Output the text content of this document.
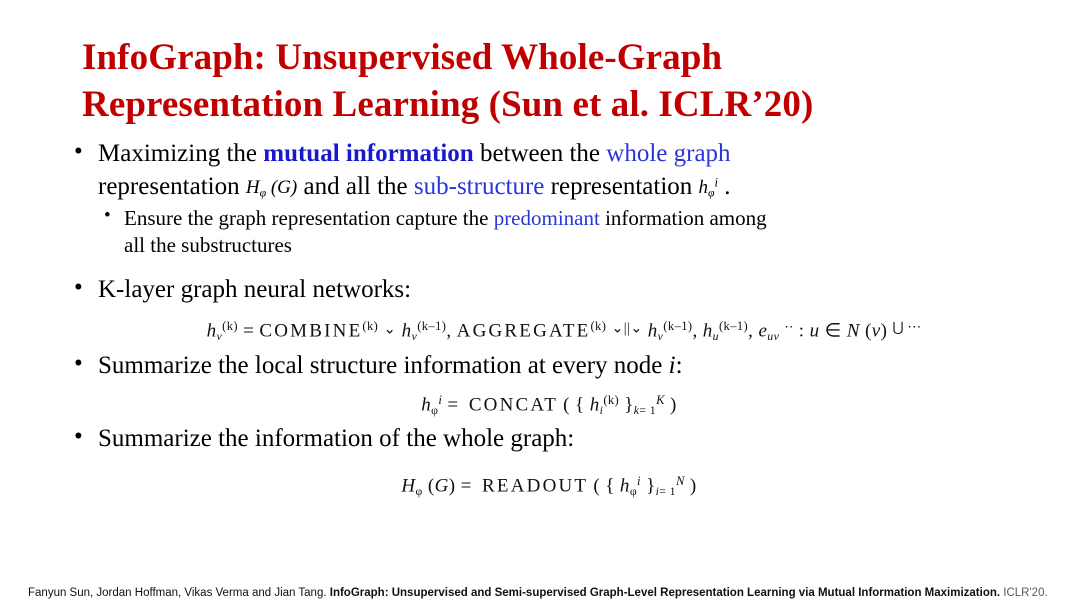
InfoGraph: Unsupervised Whole-Graph
Representation Learning (Sun et al. ICLR’20)
• Maximizing the mutual information between the whole graph
representation $H_\varphi$ (G) and all the sub-structure representation $h_\varphi^i$ .
• Ensure the graph representation capture the predominant information among
all the substructures
• K-layer graph neural networks:
$h_v^{(k)}$ = $COMBINE^{(k)}$ ⌄ $h_v^{(k-1)}$, AGGREGATE$^{(k)}$ ⌄||⌄ $h_v^{(k-1)}$, $h_u^{(k-1)}$, $e_{uv}$ ⋅⋅ : u ∈ N (v) ⋃ ⋅⋅⋅
• Summarize the local structure information at every node i:
$h_\varphi^i$ =  CONCAT ( { $h_i^{(k)}$ }$_{k= 1}^K$ )
• Summarize the information of the whole graph:
$H_\varphi$ (G) =  READOUT ( { $h_\varphi^i$ }$_{i= 1}^N$ )
Fanyun Sun, Jordan Hoffman, Vikas Verma and Jian Tang. InfoGraph: Unsupervised and Semi-supervised Graph-Level Representation Learning via Mutual Information Maximization. ICLR'20.
